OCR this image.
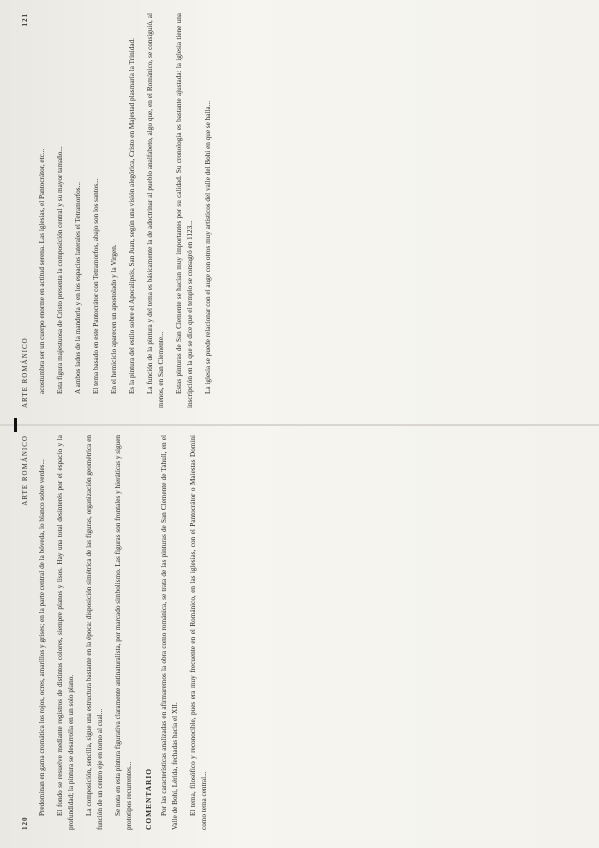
120
ARTE ROMÁNICO Predominan en gama cromática los rojos, ocres, amarillos y grises; en la parte central de la bóveda, lo blanco sobre verdes... El fondo se resuelve mediante registros de distintos colores, siempre planos y lisos. Hay una total desinterés por el espacio y la profundidad; la pintura se desarrolla en un solo plano. La composición, sencilla, sigue una estructura bastante en la época: disposición simétrica de las figuras, organización geométrica en función de un centro eje en torno al cual... Se nota en esta pintura figurativa claramente antinaturalista, por marcado simbolismo. Las figuras son frontales y hieráticas y siguen prototipos recurrentes... COMENTARIO Por las características analizadas en afirmaremos la obra como románica, se trata de las pinturas de San Clemente de Tahull, en el Valle de Bohí, Lérida, fechadas hacia el XII. El tema, filosófico y reconocible, pues era muy frecuente en el Románico, en las iglesias, con el Pantocrátor o Maiestas Domini como tema central...

ARTE ROMÁNICO
121

acostumbra ser un cuerpo enorme en actitud serena. Las iglesias, el Pantocrátor, etc... Esta figura majestuosa de Cristo presenta la composición central y su mayor tamaño... A ambos lados de la mandorla y en los espacios laterales el Tetramorfos... El tema basado en este Pantocrátor con Tetramorfos, abajo son los santos... En el hemiciclo aparecen un apostolado y la Virgen. Es la pintura del estilo sobre el Apocalipsis, San Juan, según una visión alegórica, Cristo en Majestad plasmaría la Trinidad. La función de la pintura y del tema es básicamente la de adoctrinar al pueblo analfabeto, algo que, en el Románico, se consiguió, al menos, en San Clemente... Estas pinturas de San Clemente se hacían muy importantes por su calidad. Su cronología es bastante ajustada: la iglesia tiene una inscripción en la que se dice que el templo se consagró en 1123... La iglesia se puede relacionar con el auge con otros muy artísticos del valle del Bohí en que se halla...
